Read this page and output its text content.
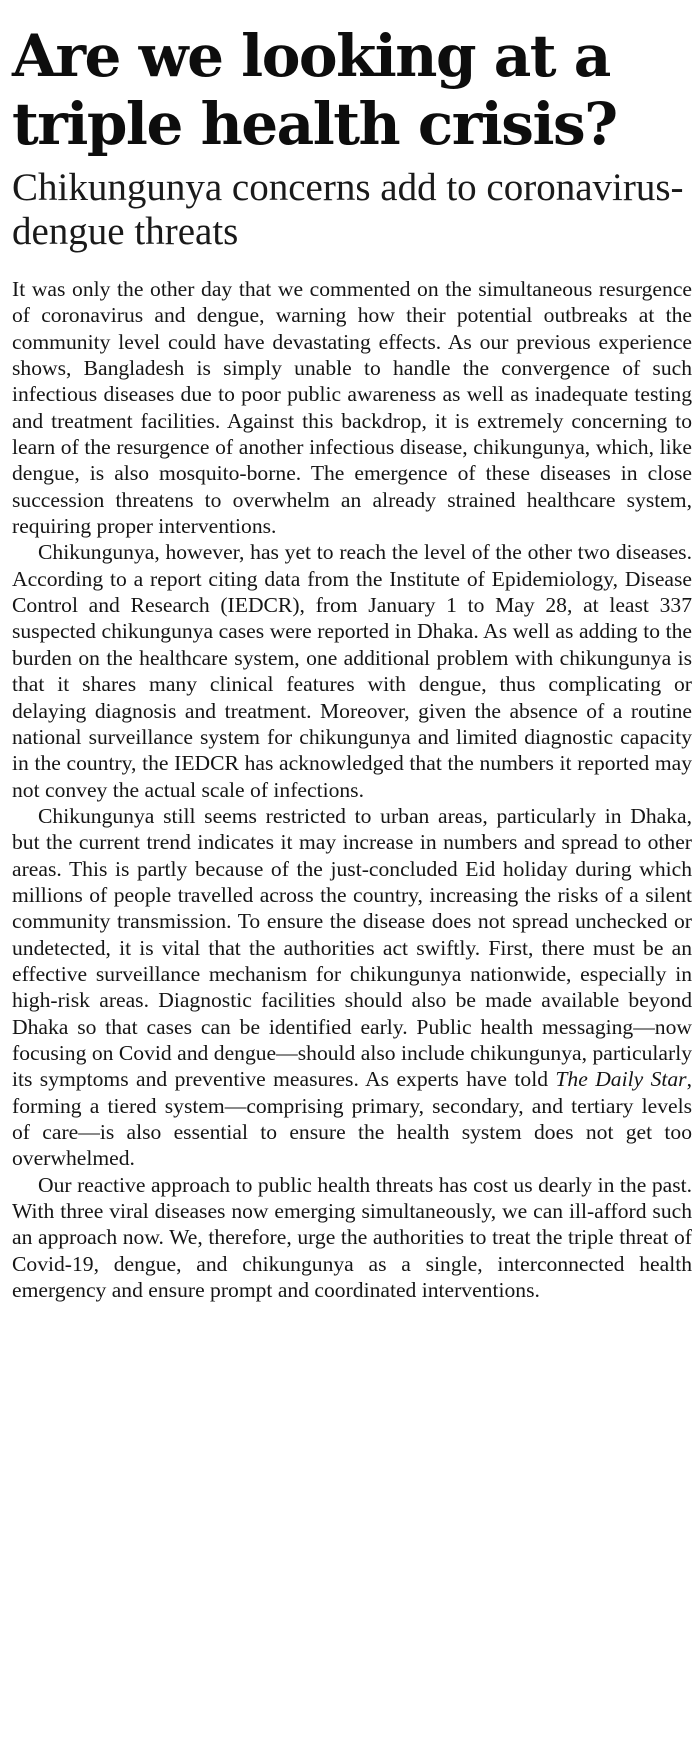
Are we looking at a triple health crisis?
Chikungunya concerns add to coronavirus-dengue threats

It was only the other day that we commented on the simultaneous resurgence of coronavirus and dengue, warning how their potential outbreaks at the community level could have devastating effects. As our previous experience shows, Bangladesh is simply unable to handle the convergence of such infectious diseases due to poor public awareness as well as inadequate testing and treatment facilities. Against this backdrop, it is extremely concerning to learn of the resurgence of another infectious disease, chikungunya, which, like dengue, is also mosquito-borne. The emergence of these diseases in close succession threatens to overwhelm an already strained healthcare system, requiring proper interventions.

Chikungunya, however, has yet to reach the level of the other two diseases. According to a report citing data from the Institute of Epidemiology, Disease Control and Research (IEDCR), from January 1 to May 28, at least 337 suspected chikungunya cases were reported in Dhaka. As well as adding to the burden on the healthcare system, one additional problem with chikungunya is that it shares many clinical features with dengue, thus complicating or delaying diagnosis and treatment. Moreover, given the absence of a routine national surveillance system for chikungunya and limited diagnostic capacity in the country, the IEDCR has acknowledged that the numbers it reported may not convey the actual scale of infections.

Chikungunya still seems restricted to urban areas, particularly in Dhaka, but the current trend indicates it may increase in numbers and spread to other areas. This is partly because of the just-concluded Eid holiday during which millions of people travelled across the country, increasing the risks of a silent community transmission. To ensure the disease does not spread unchecked or undetected, it is vital that the authorities act swiftly. First, there must be an effective surveillance mechanism for chikungunya nationwide, especially in high-risk areas. Diagnostic facilities should also be made available beyond Dhaka so that cases can be identified early. Public health messaging—now focusing on Covid and dengue—should also include chikungunya, particularly its symptoms and preventive measures. As experts have told The Daily Star, forming a tiered system—comprising primary, secondary, and tertiary levels of care—is also essential to ensure the health system does not get too overwhelmed.

Our reactive approach to public health threats has cost us dearly in the past. With three viral diseases now emerging simultaneously, we can ill-afford such an approach now. We, therefore, urge the authorities to treat the triple threat of Covid-19, dengue, and chikungunya as a single, interconnected health emergency and ensure prompt and coordinated interventions.
